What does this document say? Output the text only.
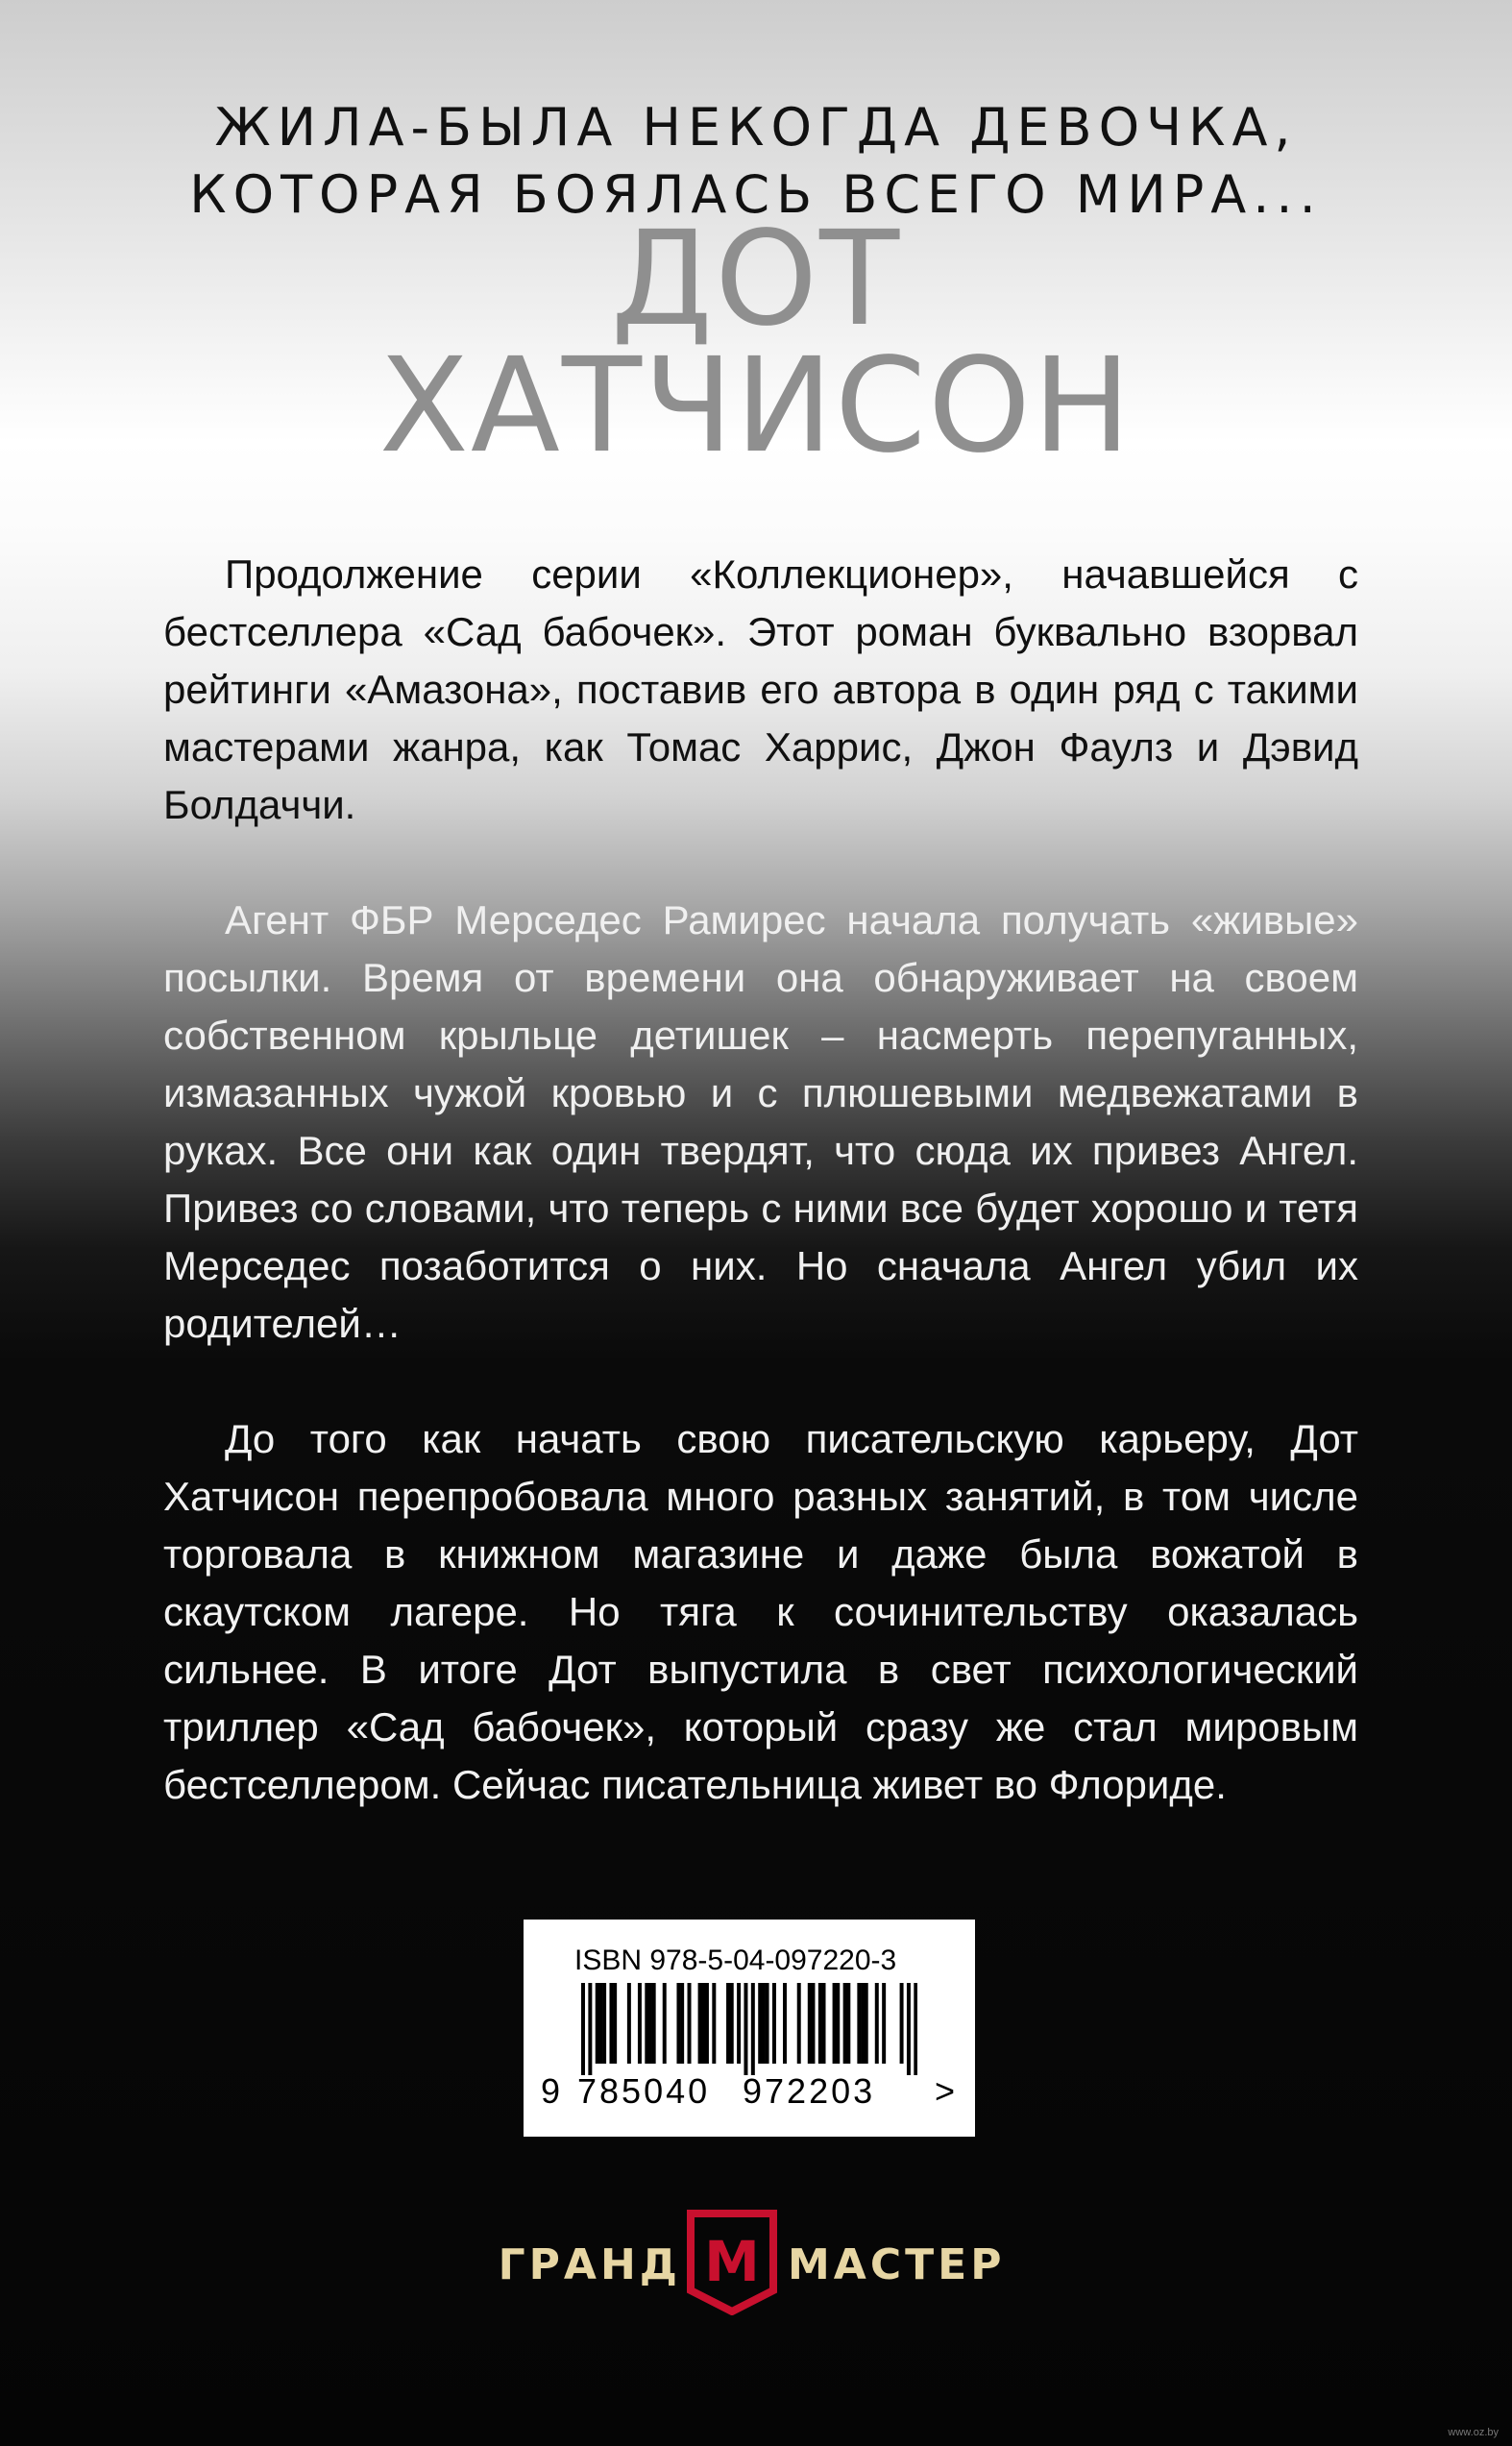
ЖИЛА-БЫЛА НЕКОГДА ДЕВОЧКА,
КОТОРАЯ БОЯЛАСЬ ВСЕГО МИРА...
ДОТ
ХАТЧИСОН

Продолжение серии «Коллекционер», начавшейся с бестселлера «Сад бабочек». Этот роман буквально взорвал рейтинги «Амазона», поставив его автора в один ряд с такими мастерами жанра, как Томас Харрис, Джон Фаулз и Дэвид Болдаччи.

Агент ФБР Мерседес Рамирес начала получать «живые» посылки. Время от времени она обнаруживает на своем собственном крыльце детишек – насмерть перепуганных, измазанных чужой кровью и с плюшевыми медвежатами в руках. Все они как один твердят, что сюда их привез Ангел. Привез со словами, что теперь с ними все будет хорошо и тетя Мерседес позаботится о них. Но сначала Ангел убил их родителей…

До того как начать свою писательскую карьеру, Дот Хатчисон перепробовала много разных занятий, в том числе торговала в книжном магазине и даже была вожатой в скаутском лагере. Но тяга к сочинительству оказалась сильнее. В итоге Дот выпустила в свет психологический триллер «Сад бабочек», который сразу же стал мировым бестселлером. Сейчас писательница живет во Флориде.

ISBN 978-5-04-097220-3
9 785040 972203 >
ГРАНД М МАСТЕР
www.oz.by
